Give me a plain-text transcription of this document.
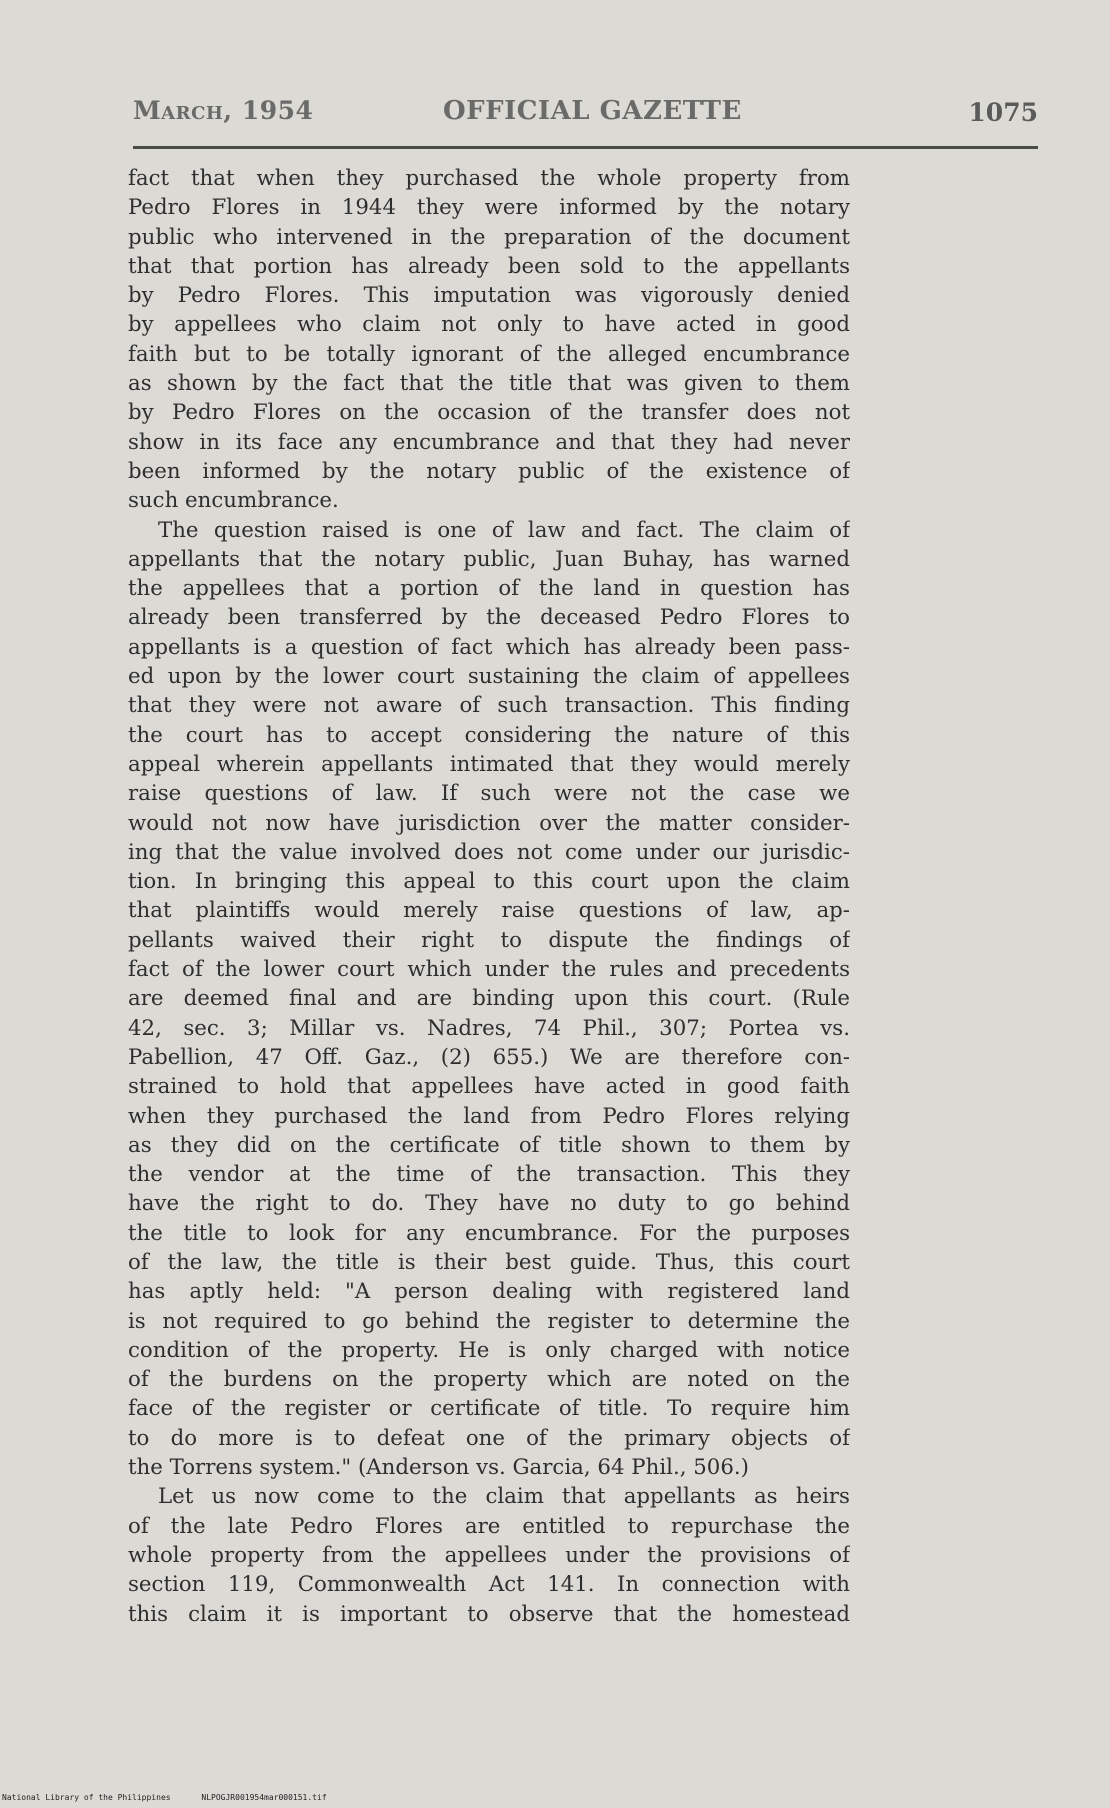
March, 1954	OFFICIAL GAZETTE	1075
fact that when they purchased the whole property from
Pedro Flores in 1944 they were informed by the notary
public who intervened in the preparation of the document
that that portion has already been sold to the appellants
by Pedro Flores. This imputation was vigorously denied
by appellees who claim not only to have acted in good
faith but to be totally ignorant of the alleged encumbrance
as shown by the fact that the title that was given to them
by Pedro Flores on the occasion of the transfer does not
show in its face any encumbrance and that they had never
been informed by the notary public of the existence of
such encumbrance.
The question raised is one of law and fact. The claim of
appellants that the notary public, Juan Buhay, has warned
the appellees that a portion of the land in question has
already been transferred by the deceased Pedro Flores to
appellants is a question of fact which has already been pass-
ed upon by the lower court sustaining the claim of appellees
that they were not aware of such transaction. This finding
the court has to accept considering the nature of this
appeal wherein appellants intimated that they would merely
raise questions of law. If such were not the case we
would not now have jurisdiction over the matter consider-
ing that the value involved does not come under our jurisdic-
tion. In bringing this appeal to this court upon the claim
that plaintiffs would merely raise questions of law, ap-
pellants waived their right to dispute the findings of
fact of the lower court which under the rules and precedents
are deemed final and are binding upon this court. (Rule
42, sec. 3; Millar vs. Nadres, 74 Phil., 307; Portea vs.
Pabellion, 47 Off. Gaz., (2) 655.) We are therefore con-
strained to hold that appellees have acted in good faith
when they purchased the land from Pedro Flores relying
as they did on the certificate of title shown to them by
the vendor at the time of the transaction. This they
have the right to do. They have no duty to go behind
the title to look for any encumbrance. For the purposes
of the law, the title is their best guide. Thus, this court
has aptly held: "A person dealing with registered land
is not required to go behind the register to determine the
condition of the property. He is only charged with notice
of the burdens on the property which are noted on the
face of the register or certificate of title. To require him
to do more is to defeat one of the primary objects of
the Torrens system." (Anderson vs. Garcia, 64 Phil., 506.)
Let us now come to the claim that appellants as heirs
of the late Pedro Flores are entitled to repurchase the
whole property from the appellees under the provisions of
section 119, Commonwealth Act 141. In connection with
this claim it is important to observe that the homestead
National Library of the Philippines	NLPOGJR001954mar000151.tif
